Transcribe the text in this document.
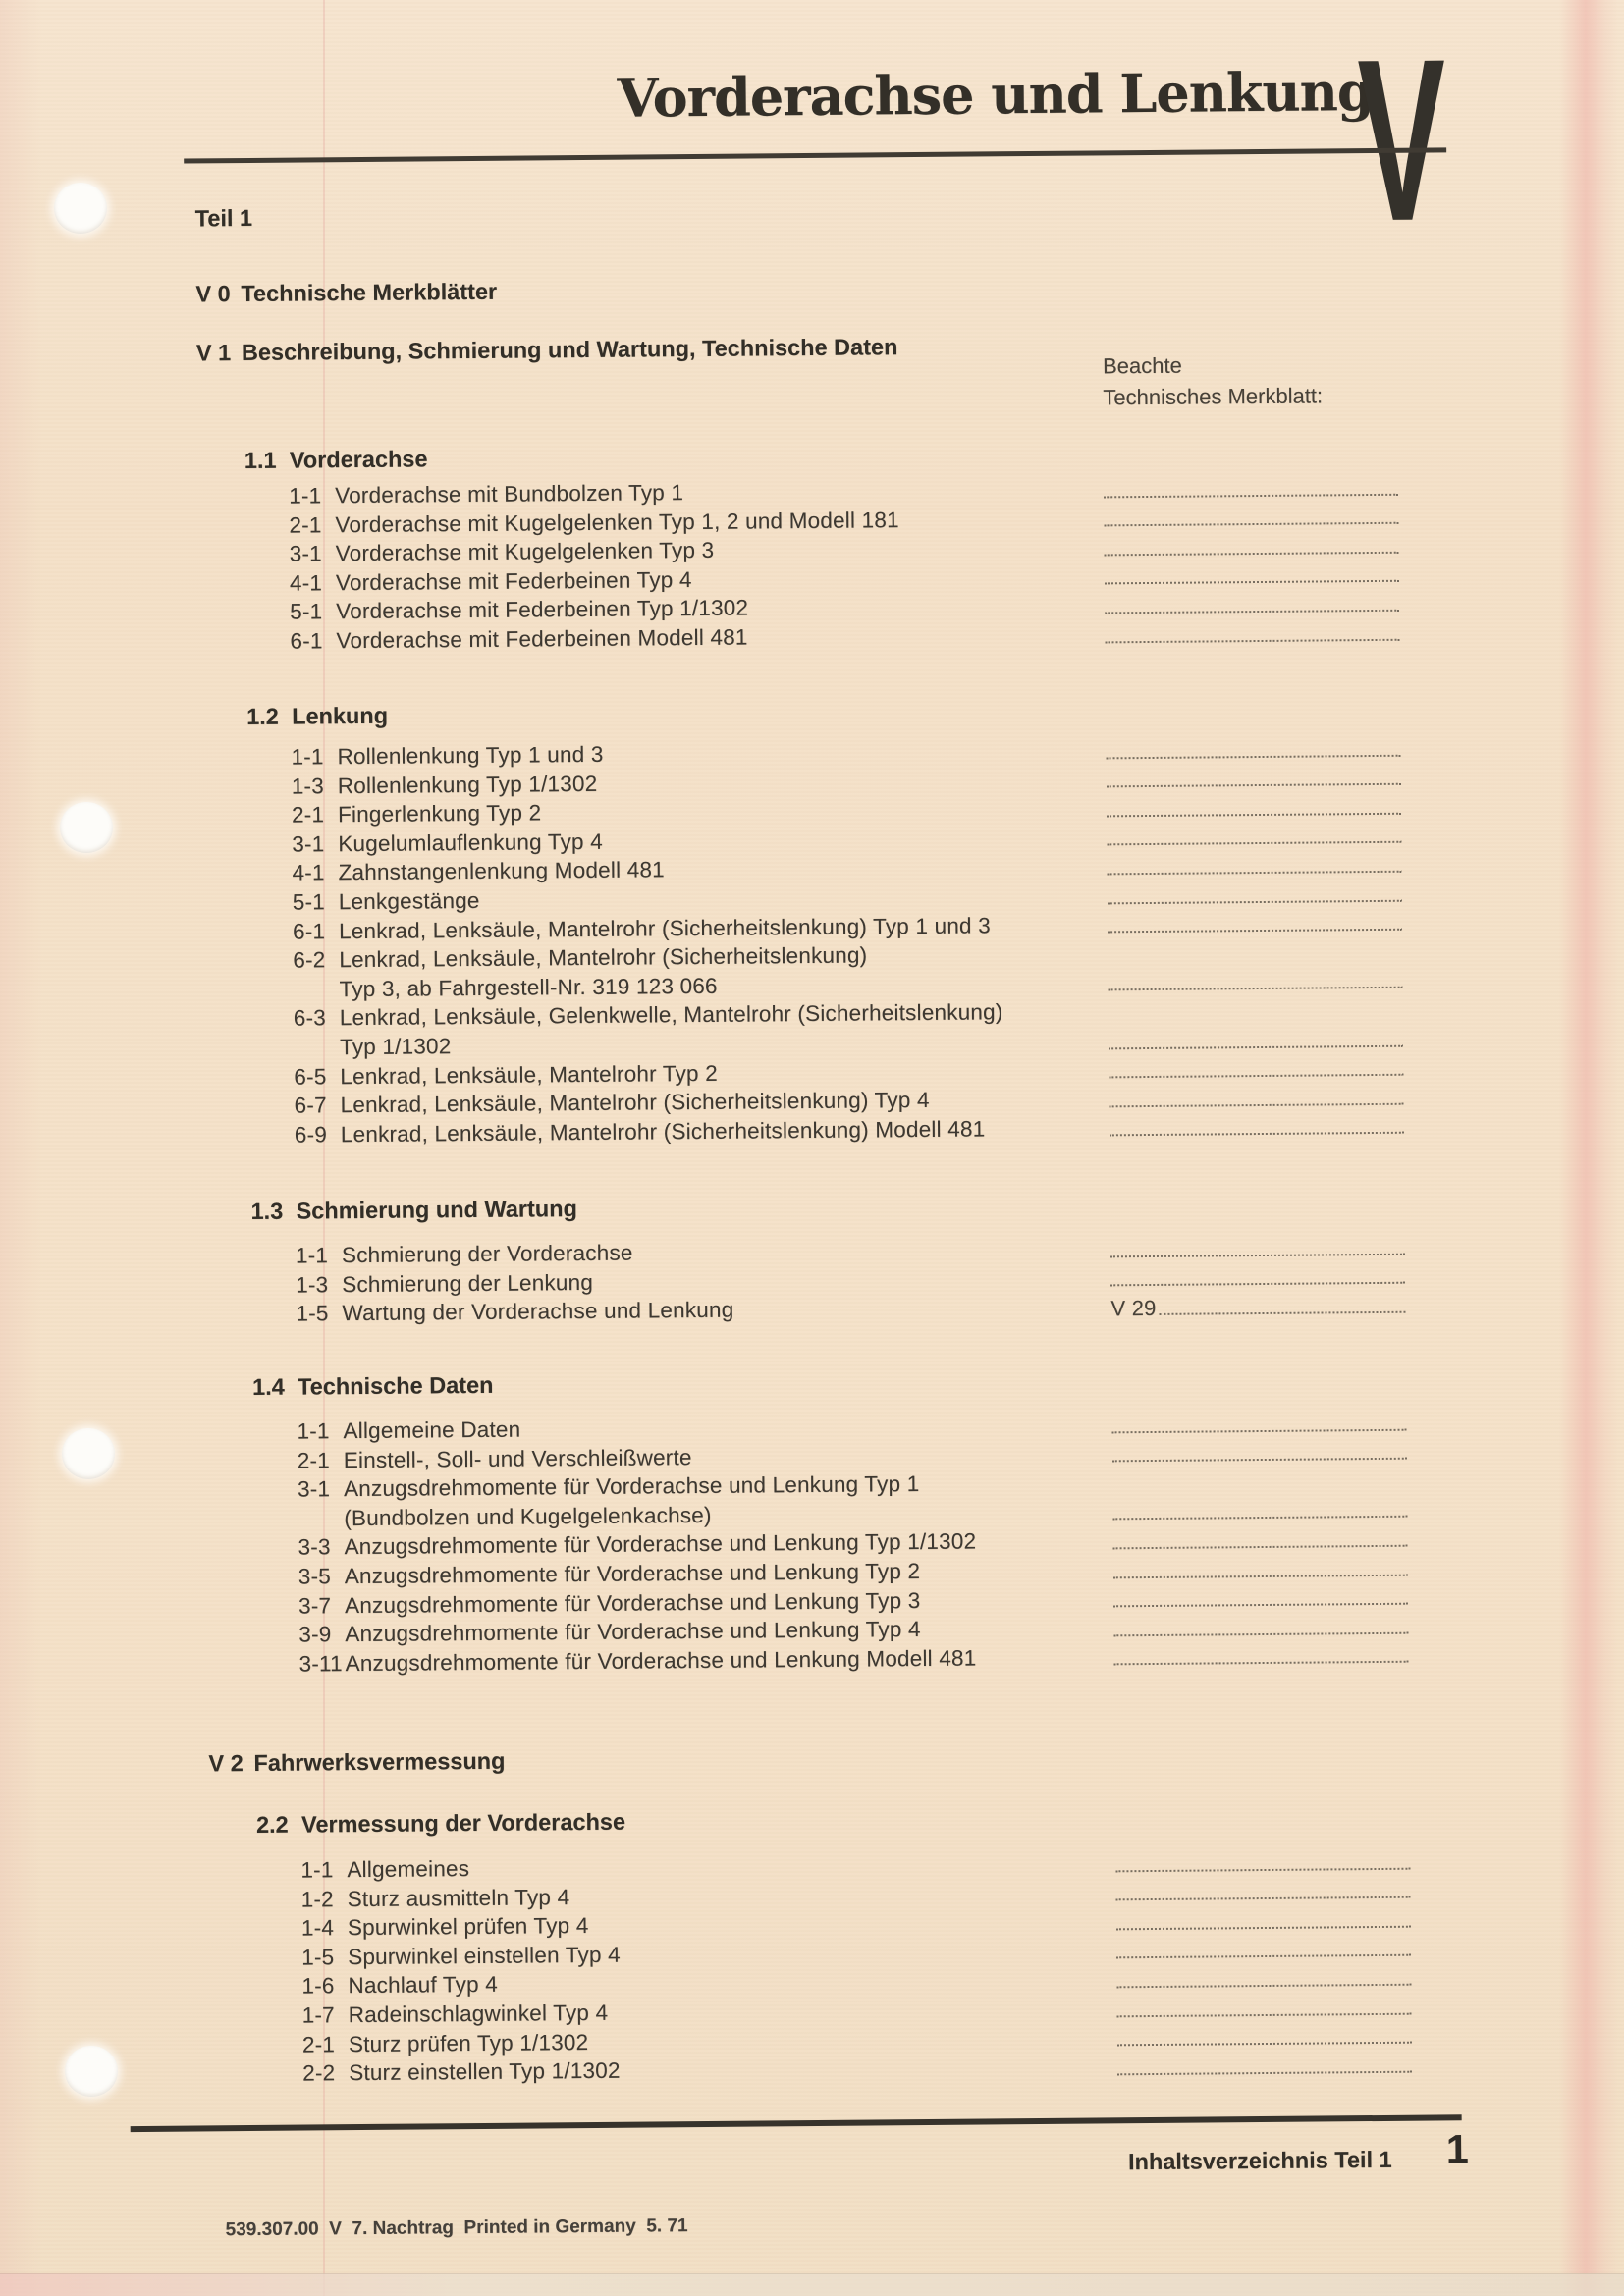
Vorderachse und Lenkung
V
Teil 1
V 0 Technische Merkblätter
V 1 Beschreibung, Schmierung und Wartung, Technische Daten
Beachte
Technisches Merkblatt:
1.1 Vorderachse
1-1 Vorderachse mit Bundbolzen Typ 1
2-1 Vorderachse mit Kugelgelenken Typ 1, 2 und Modell 181
3-1 Vorderachse mit Kugelgelenken Typ 3
4-1 Vorderachse mit Federbeinen Typ 4
5-1 Vorderachse mit Federbeinen Typ 1/1302
6-1 Vorderachse mit Federbeinen Modell 481
1.2 Lenkung
1-1 Rollenlenkung Typ 1 und 3
1-3 Rollenlenkung Typ 1/1302
2-1 Fingerlenkung Typ 2
3-1 Kugelumlauflenkung Typ 4
4-1 Zahnstangenlenkung Modell 481
5-1 Lenkgestänge
6-1 Lenkrad, Lenksäule, Mantelrohr (Sicherheitslenkung) Typ 1 und 3
6-2 Lenkrad, Lenksäule, Mantelrohr (Sicherheitslenkung)
Typ 3, ab Fahrgestell-Nr. 319 123 066
6-3 Lenkrad, Lenksäule, Gelenkwelle, Mantelrohr (Sicherheitslenkung)
Typ 1/1302
6-5 Lenkrad, Lenksäule, Mantelrohr Typ 2
6-7 Lenkrad, Lenksäule, Mantelrohr (Sicherheitslenkung) Typ 4
6-9 Lenkrad, Lenksäule, Mantelrohr (Sicherheitslenkung) Modell 481
1.3 Schmierung und Wartung
1-1 Schmierung der Vorderachse
1-3 Schmierung der Lenkung
1-5 Wartung der Vorderachse und Lenkung	V 29
1.4 Technische Daten
1-1 Allgemeine Daten
2-1 Einstell-, Soll- und Verschleißwerte
3-1 Anzugsdrehmomente für Vorderachse und Lenkung Typ 1
(Bundbolzen und Kugelgelenkachse)
3-3 Anzugsdrehmomente für Vorderachse und Lenkung Typ 1/1302
3-5 Anzugsdrehmomente für Vorderachse und Lenkung Typ 2
3-7 Anzugsdrehmomente für Vorderachse und Lenkung Typ 3
3-9 Anzugsdrehmomente für Vorderachse und Lenkung Typ 4
3-11 Anzugsdrehmomente für Vorderachse und Lenkung Modell 481
V 2 Fahrwerksvermessung
2.2 Vermessung der Vorderachse
1-1 Allgemeines
1-2 Sturz ausmitteln Typ 4
1-4 Spurwinkel prüfen Typ 4
1-5 Spurwinkel einstellen Typ 4
1-6 Nachlauf Typ 4
1-7 Radeinschlagwinkel Typ 4
2-1 Sturz prüfen Typ 1/1302
2-2 Sturz einstellen Typ 1/1302
Inhaltsverzeichnis Teil 1 1
539.307.00  V  7. Nachtrag  Printed in Germany  5. 71
